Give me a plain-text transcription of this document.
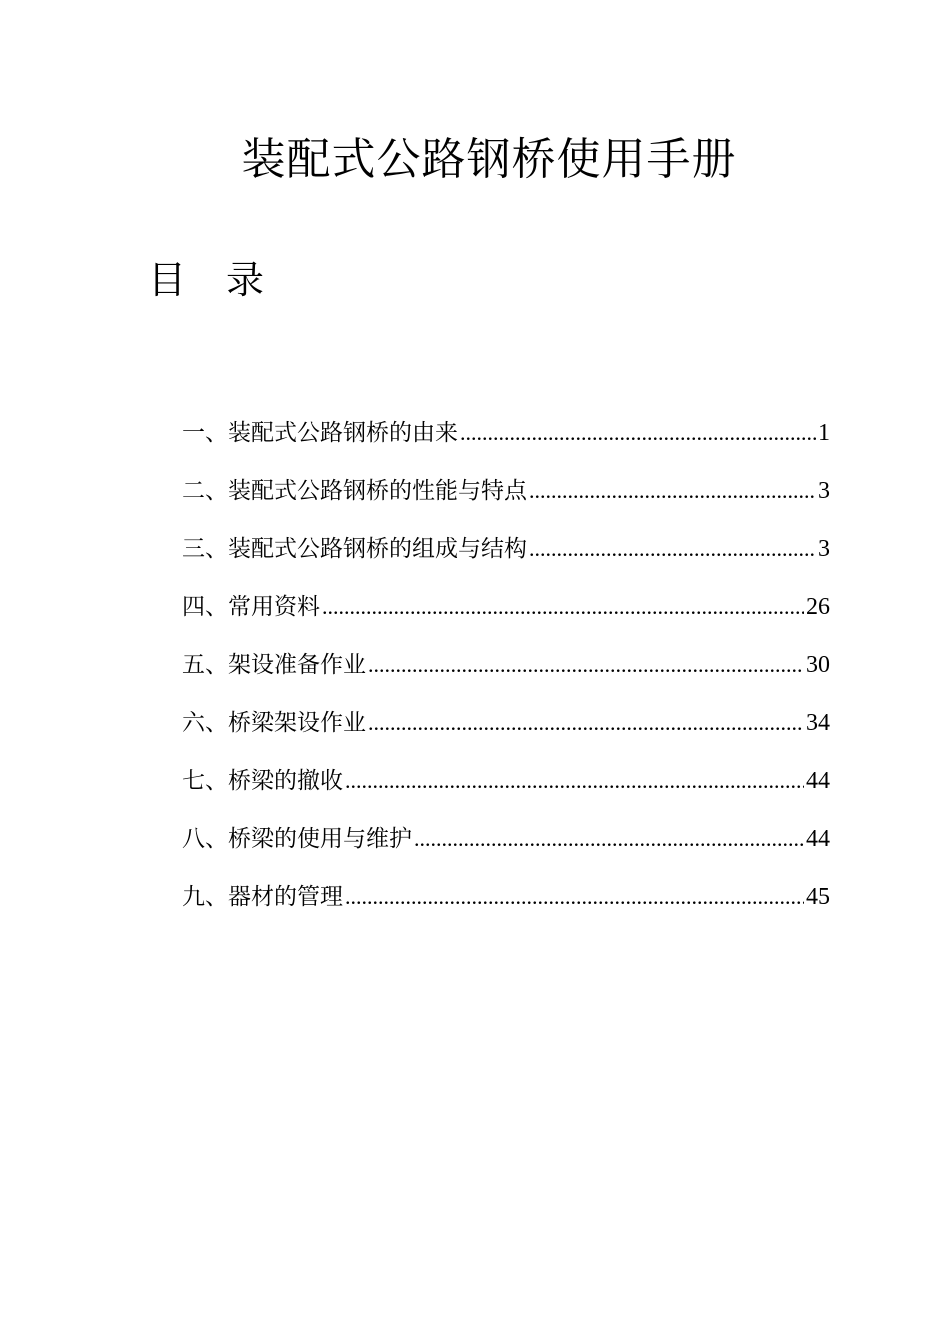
装配式公路钢桥使用手册
目 录
一、装配式公路钢桥的由来 .....	1
二、装配式公路钢桥的性能与特点 .....	3
三、装配式公路钢桥的组成与结构 .....	3
四、常用资料 .....	26
五、架设准备作业 .....	30
六、桥梁架设作业 .....	34
七、桥梁的撤收 .....	44
八、桥梁的使用与维护 .....	44
九、器材的管理 .....	45
